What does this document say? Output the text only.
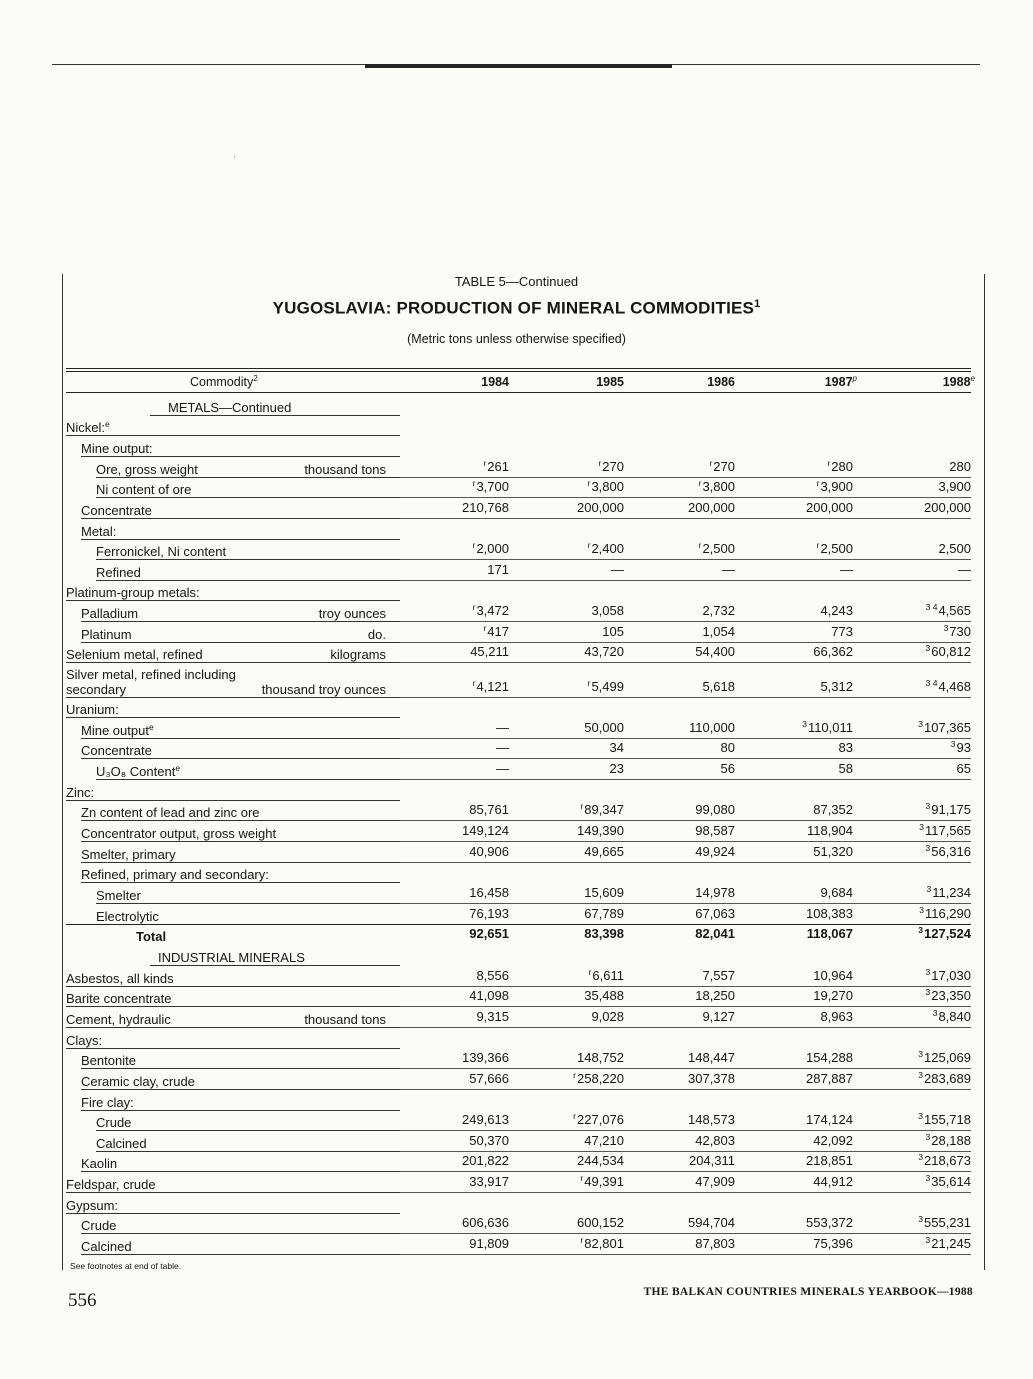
'
TABLE 5—Continued
YUGOSLAVIA: PRODUCTION OF MINERAL COMMODITIES$^1$
(Metric tons unless otherwise specified)
Commodity$^2$	1984	1985	1986	1987$^p$	1988e
METALS—Continued
Nickel:$^e$
Mine output:
Ore, gross weight	thousand tons	$^r$261	$^r$270	$^r$270	$^r$280	280
Ni content of ore	$^r$3,700	$^r$3,800	$^r$3,800	$^r$3,900	3,900
Concentrate	210,768	200,000	200,000	200,000	200,000
Metal:
Ferronickel, Ni content	$^r$2,000	$^r$2,400	$^r$2,500	$^r$2,500	2,500
Refined	171	—	—	—	—
Platinum-group metals:
Palladium	troy ounces	$^r$3,472	3,058	2,732	4,243	$^{3 4}$4,565
Platinum	do.	$^r$417	105	1,054	773	$^3$730
Selenium metal, refined	kilograms	45,211	43,720	54,400	66,362	$^3$60,812
Silver metal, refined including
secondary	thousand troy ounces	$^r$4,121	$^r$5,499	5,618	5,312	$^{3 4}$4,468
Uranium:
Mine output$^e$	—	50,000	110,000	$^3$110,011	$^3$107,365
Concentrate	—	34	80	83	$^3$93
U₃O₈ Content$^e$	—	23	56	58	65
Zinc:
Zn content of lead and zinc ore	85,761	$^r$89,347	99,080	87,352	$^3$91,175
Concentrator output, gross weight	149,124	149,390	98,587	118,904	$^3$117,565
Smelter, primary	40,906	49,665	49,924	51,320	$^3$56,316
Refined, primary and secondary:
Smelter	16,458	15,609	14,978	9,684	$^3$11,234
Electrolytic	76,193	67,789	67,063	108,383	$^3$116,290
Total	92,651	83,398	82,041	118,067	$^3$127,524
INDUSTRIAL MINERALS
Asbestos, all kinds	8,556	$^r$6,611	7,557	10,964	$^3$17,030
Barite concentrate	41,098	35,488	18,250	19,270	$^3$23,350
Cement, hydraulic	thousand tons	9,315	9,028	9,127	8,963	$^3$8,840
Clays:
Bentonite	139,366	148,752	148,447	154,288	$^3$125,069
Ceramic clay, crude	57,666	$^r$258,220	307,378	287,887	$^3$283,689
Fire clay:
Crude	249,613	$^r$227,076	148,573	174,124	$^3$155,718
Calcined	50,370	47,210	42,803	42,092	$^3$28,188
Kaolin	201,822	244,534	204,311	218,851	$^3$218,673
Feldspar, crude	33,917	$^r$49,391	47,909	44,912	$^3$35,614
Gypsum:
Crude	606,636	600,152	594,704	553,372	$^3$555,231
Calcined	91,809	$^r$82,801	87,803	75,396	$^3$21,245
See footnotes at end of table.
556	THE BALKAN COUNTRIES MINERALS YEARBOOK—1988
